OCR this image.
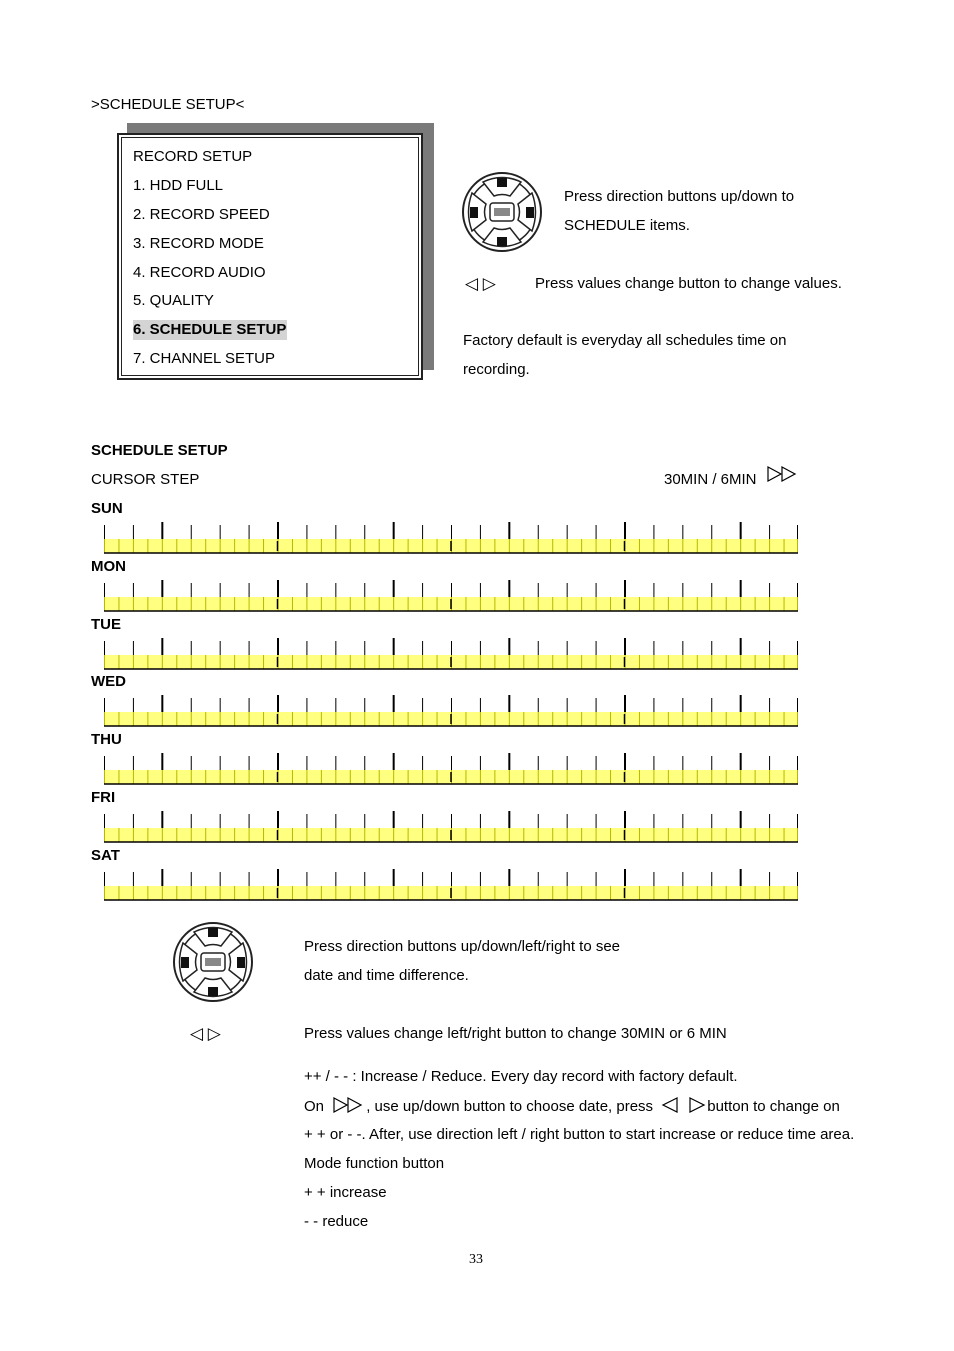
>SCHEDULE SETUP<
RECORD SETUP
1. HDD FULL
2. RECORD SPEED
3. RECORD MODE
4. RECORD AUDIO
5. QUALITY
6. SCHEDULE SETUP
7. CHANNEL SETUP
Press direction buttons up/down to
SCHEDULE items.
◁ ▷	Press values change button to change values.
Factory default is everyday all schedules time on
recording.
SCHEDULE SETUP
CURSOR STEP	30MIN / 6MIN
SUN
MON
TUE
WED
THU
FRI
SAT
Press direction buttons up/down/left/right to see
date and time difference.
◁ ▷	Press values change left/right button to change 30MIN or 6 MIN
++ / - - : Increase / Reduce. Every day record with factory default.
On	, use up/down button to choose date, press	button to change on
+ + or - -. After, use direction left / right button to start increase or reduce time area.
Mode function button
+ + increase
- - reduce
33
